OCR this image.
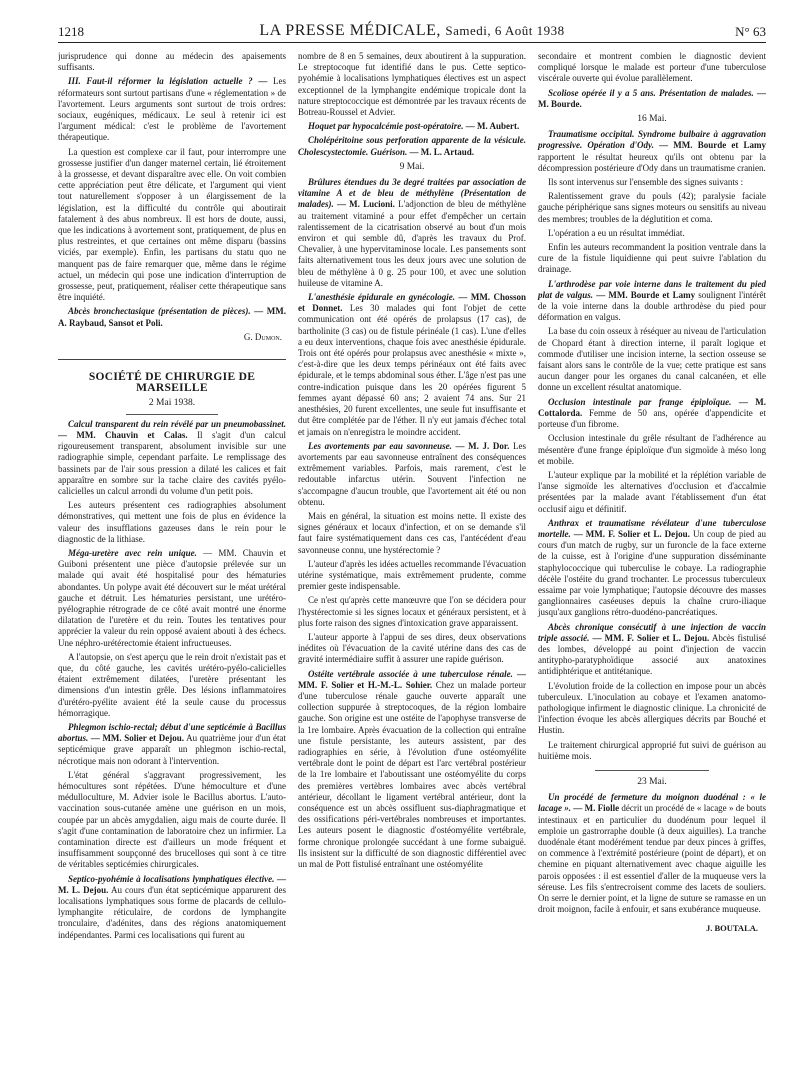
1218	LA PRESSE MÉDICALE, Samedi, 6 Août 1938	N° 63

jurisprudence qui donne au médecin des apaisements suffisants.

III. Faut-il réformer la législation actuelle ? — Les réformateurs sont surtout partisans d'une « réglementation » de l'avortement. Leurs arguments sont surtout de trois ordres: sociaux, eugéniques, médicaux. Le seul à retenir ici est l'argument médical: c'est le problème de l'avortement thérapeutique.

La question est complexe car il faut, pour interrompre une grossesse justifier d'un danger maternel certain, lié étroitement à la grossesse, et devant disparaître avec elle. On voit combien cette appréciation peut être délicate, et l'argument qui vient tout naturellement s'opposer à un élargissement de la législation, est la difficulté du contrôle qui aboutirait fatalement à des abus nombreux. Il est hors de doute, aussi, que les indications à avortement sont, pratiquement, de plus en plus restreintes, et que certaines ont même disparu (bassins viciés, par exemple). Enfin, les partisans du statu quo ne manquent pas de faire remarquer que, même dans le régime actuel, un médecin qui pose une indication d'interruption de grossesse, peut, pratiquement, réaliser cette thérapeutique sans être inquiété.

Abcès bronchectasique (présentation de pièces). — MM. A. Raybaud, Sansot et Poli.

G. Dumon.
SOCIÉTÉ DE CHIRURGIE DE MARSEILLE
2 Mai 1938.

Calcul transparent du rein révélé par un pneumobassinet. — MM. Chauvin et Calas. Il s'agit d'un calcul rigoureusement transparent, absolument invisible sur une radiographie simple, cependant parfaite. Le remplissage des bassinets par de l'air sous pression a dilaté les calices et fait apparaître en sombre sur la tache claire des cavités pyélo-calicielles un calcul arrondi du volume d'un petit pois.

Les auteurs présentent ces radiographies absolument démonstratives, qui mettent une fois de plus en évidence la valeur des insufflations gazeuses dans le rein pour le diagnostic de la lithiase.

Méga-uretère avec rein unique. — MM. Chauvin et Guiboni présentent une pièce d'autopsie prélevée sur un malade qui avait été hospitalisé pour des hématuries abondantes. Un polype avait été découvert sur le méat urétéral gauche et détruit. Les hématuries persistant, une urétéro-pyélographie rétrograde de ce côté avait montré une énorme dilatation de l'uretère et du rein. Toutes les tentatives pour apprécier la valeur du rein opposé avaient abouti à des échecs. Une néphro-urétérectomie étaient infructueuses.

A l'autopsie, on s'est aperçu que le rein droit n'existait pas et que, du côté gauche, les cavités urétéro-pyélo-calicielles étaient extrêmement dilatées, l'uretère présentant les dimensions d'un intestin grêle. Des lésions inflammatoires d'urétéro-pyélite avaient été la seule cause du processus hémorragique.

Phlegmon ischio-rectal; début d'une septicémie à Bacillus abortus. — MM. Solier et Dejou. Au quatrième jour d'un état septicémique grave apparaît un phlegmon ischio-rectal, nécrotique mais non odorant à l'intervention.

L'état général s'aggravant progressivement, les hémocultures sont répétées. D'une hémoculture et d'une médulloculture, M. Advier isole le Bacillus abortus. L'auto-vaccination sous-cutanée amène une guérison en un mois, coupée par un abcès amygdalien, aigu mais de courte durée. Il s'agit d'une contamination de laboratoire chez un infirmier. La contamination directe est d'ailleurs un mode fréquent et insuffisamment soupçonné des brucelloses qui sont à ce titre de véritables septicémies chirurgicales.

Septico-pyohémie à localisations lymphatiques élective. — M. L. Dejou. Au cours d'un état septicémique apparurent des localisations lymphatiques sous forme de placards de cellulo-lymphangite réticulaire, de cordons de lymphangite tronculaire, d'adénites, dans des régions anatomiquement indépendantes. Parmi ces localisations qui furent au

nombre de 8 en 5 semaines, deux aboutirent à la suppuration. Le streptocoque fut identifié dans le pus. Cette septico-pyohémie à localisations lymphatiques électives est un aspect exceptionnel de la lymphangite endémique tropicale dont la nature streptococcique est démontrée par les travaux récents de Botreau-Roussel et Advier.

Hoquet par hypocalcémie post-opératoire. — M. Aubert.

Cholépéritoine sous perforation apparente de la vésicule. Cholescystectomie. Guérison. — M. L. Artaud.

9 Mai.

Brûlures étendues du 3e degré traitées par association de vitamine A et de bleu de méthylène (Présentation de malades). — M. Lucioni. L'adjonction de bleu de méthylène au traitement vitaminé a pour effet d'empêcher un certain ralentissement de la cicatrisation observé au bout d'un mois environ et qui semble dû, d'après les travaux du Prof. Chevalier, à une hypervitaminose locale. Les pansements sont faits alternativement tous les deux jours avec une solution de bleu de méthylène à 0 g. 25 pour 100, et avec une solution huileuse de vitamine A.

L'anesthésie épidurale en gynécologie. — MM. Chosson et Donnet. Les 30 malades qui font l'objet de cette communication ont été opérés de prolapsus (17 cas), de bartholinite (3 cas) ou de fistule périnéale (1 cas). L'une d'elles a eu deux interventions, chaque fois avec anesthésie épidurale. Trois ont été opérés pour prolapsus avec anesthésie « mixte », c'est-à-dire que les deux temps périnéaux ont été faits avec épidurale, et le temps abdominal sous éther. L'âge n'est pas une contre-indication puisque dans les 20 opérées figurent 5 femmes ayant dépassé 60 ans; 2 avaient 74 ans. Sur 21 anesthésies, 20 furent excellentes, une seule fut insuffisante et dut être complétée par de l'éther. Il n'y eut jamais d'échec total et jamais on n'enregistra le moindre accident.

Les avortements par eau savonneuse. — M. J. Dor. Les avortements par eau savonneuse entraînent des conséquences extrêmement variables. Parfois, mais rarement, c'est le redoutable infarctus utérin. Souvent l'infection ne s'accompagne d'aucun trouble, que l'avortement ait été ou non obtenu.

Mais en général, la situation est moins nette. Il existe des signes généraux et locaux d'infection, et on se demande s'il faut faire systématiquement dans ces cas, l'antécédent d'eau savonneuse connu, une hystérectomie ?

L'auteur d'après les idées actuelles recommande l'évacuation utérine systématique, mais extrêmement prudente, comme premier geste indispensable.

Ce n'est qu'après cette manœuvre que l'on se décidera pour l'hystérectomie si les signes locaux et généraux persistent, et à plus forte raison des signes d'intoxication grave apparaissent.

L'auteur apporte à l'appui de ses dires, deux observations inédites où l'évacuation de la cavité utérine dans des cas de gravité intermédiaire suffit à assurer une rapide guérison.

Ostéite vertébrale associée à une tuberculose rénale. — MM. F. Solier et H.-M.-L. Sohier. Chez un malade porteur d'une tuberculose rénale gauche ouverte apparaît une collection suppurée à streptocoques, de la région lombaire gauche. Son origine est une ostéite de l'apophyse transverse de la 1re lombaire. Après évacuation de la collection qui entraîne une fistule persistante, les auteurs assistent, par des radiographies en série, à l'évolution d'une ostéomyélite vertébrale dont le point de départ est l'arc vertébral postérieur de la 1re lombaire et l'aboutissant une ostéomyélite du corps des premières vertèbres lombaires avec abcès vertébral antérieur, décollant le ligament vertébral antérieur, dont la conséquence est un abcès ossifluent sus-diaphragmatique et des ossifications péri-vertébrales nombreuses et importantes. Les auteurs posent le diagnostic d'ostéomyélite vertébrale, forme chronique prolongée succédant à une forme subaiguë. Ils insistent sur la difficulté de son diagnostic différentiel avec un mal de Pott fistulisé entraînant une ostéomyélite

secondaire et montrent combien le diagnostic devient compliqué lorsque le malade est porteur d'une tuberculose viscérale ouverte qui évolue parallèlement.

Scoliose opérée il y a 5 ans. Présentation de malades. — M. Bourde.

16 Mai.

Traumatisme occipital. Syndrome bulbaire à aggravation progressive. Opération d'Ody. — MM. Bourde et Lamy rapportent le résultat heureux qu'ils ont obtenu par la décompression postérieure d'Ody dans un traumatisme cranien.

Ils sont intervenus sur l'ensemble des signes suivants :

Ralentissement grave du pouls (42); paralysie faciale gauche périphérique sans signes moteurs ou sensitifs au niveau des membres; troubles de la déglutition et coma.

L'opération a eu un résultat immédiat.

Enfin les auteurs recommandent la position ventrale dans la cure de la fistule liquidienne qui peut suivre l'ablation du drainage.

L'arthrodèse par voie interne dans le traitement du pied plat de valgus. — MM. Bourde et Lamy soulignent l'intérêt de la voie interne dans la double arthrodèse du pied pour déformation en valgus.

La base du coin osseux à réséquer au niveau de l'articulation de Chopard étant à direction interne, il paraît logique et commode d'utiliser une incision interne, la section osseuse se faisant alors sans le contrôle de la vue; cette pratique est sans aucun danger pour les organes du canal calcanéen, et elle donne un excellent résultat anatomique.

Occlusion intestinale par frange épiploïque. — M. Cottalorda. Femme de 50 ans, opérée d'appendicite et porteuse d'un fibrome.

Occlusion intestinale du grêle résultant de l'adhérence au mésentère d'une frange épiploïque d'un sigmoïde à méso long et mobile.

L'auteur explique par la mobilité et la réplétion variable de l'anse sigmoïde les alternatives d'occlusion et d'accalmie présentées par la malade avant l'établissement d'un état occlusif aigu et définitif.

Anthrax et traumatisme révélateur d'une tuberculose mortelle. — MM. F. Solier et L. Dejou. Un coup de pied au cours d'un match de rugby, sur un furoncle de la face externe de la cuisse, est à l'origine d'une suppuration disséminante staphylococcique qui tuberculise le cobaye. La radiographie décèle l'ostéite du grand trochanter. Le processus tuberculeux essaime par voie lymphatique; l'autopsie découvre des masses ganglionnaires caséeuses depuis la chaîne crurо-iliaque jusqu'aux ganglions rétro-duodéno-pancréatiques.

Abcès chronique consécutif à une injection de vaccin triple associé. — MM. F. Solier et L. Dejou. Abcès fistulisé des lombes, développé au point d'injection de vaccin antityphо-paratyphoïdique associé aux anatoxines antidiphtérique et antitétanique.

L'évolution froide de la collection en impose pour un abcès tuberculeux. L'inoculation au cobaye et l'examen anatomo-pathologique infirment le diagnostic clinique. La chronicité de l'infection évoque les abcès allergiques décrits par Bouché et Hustin.

Le traitement chirurgical approprié fut suivi de guérison au huitième mois.

23 Mai.

Un procédé de fermeture du moignon duodénal : « le lacage ». — M. Fiolle décrit un procédé de « lacage » de bouts intestinaux et en particulier du duodénum pour lequel il emploie un gastrorraphe double (à deux aiguilles). La tranche duodénale étant modérément tendue par deux pinces à griffes, on commence à l'extrémité postérieure (point de départ), et on chemine en piquant alternativement avec chaque aiguille les parois opposées : il est essentiel d'aller de la muqueuse vers la séreuse. Les fils s'entrecroisent comme des lacets de souliers. On serre le dernier point, et la ligne de suture se ramasse en un droit moignon, facile à enfouir, et sans exubérance muqueuse.

J. BOUTALA.
